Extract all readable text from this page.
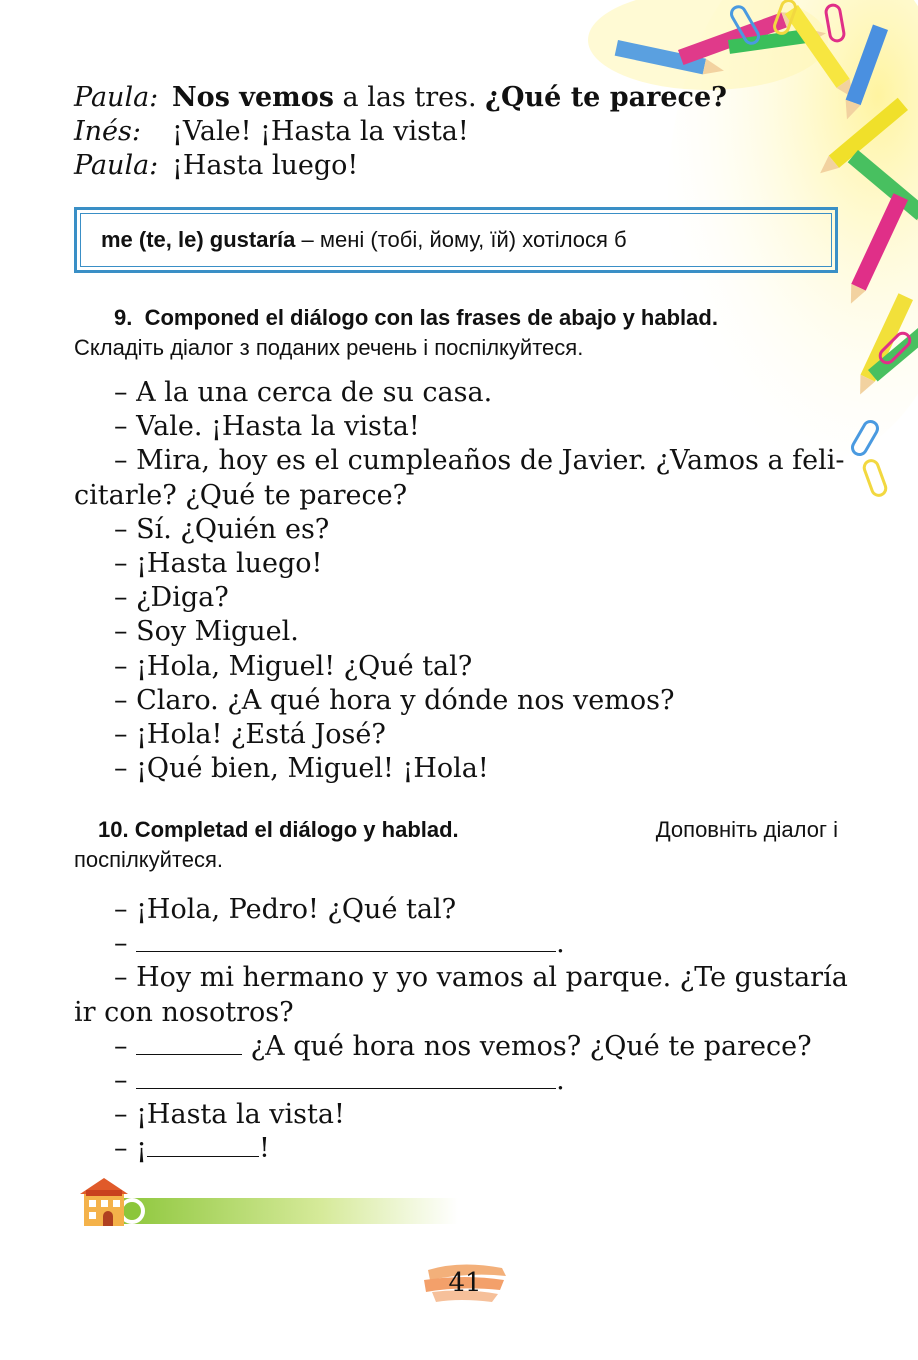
Paula: Nos vemos a las tres. ¿Qué te parece?
Inés: ¡Vale! ¡Hasta la vista!
Paula: ¡Hasta luego!
me (te, le) gustaría – мені (тобі, йому, їй) хотілося б
9. Componed el diálogo con las frases de abajo y hablad.
Складіть діалог з поданих речень і поспілкуйтеся.
– A la una cerca de su casa.
– Vale. ¡Hasta la vista!
– Mira, hoy es el cumpleaños de Javier. ¿Vamos a feli-
citarle? ¿Qué te parece?
– Sí. ¿Quién es?
– ¡Hasta luego!
– ¿Diga?
– Soy Miguel.
– ¡Hola, Miguel! ¿Qué tal?
– Claro. ¿A qué hora y dónde nos vemos?
– ¡Hola! ¿Está José?
– ¡Qué bien, Miguel! ¡Hola!
10. Completad el diálogo y hablad.	Доповніть діалог і
поспілкуйтеся.
– ¡Hola, Pedro! ¿Qué tal?
–	.
– Hoy mi hermano y yo vamos al parque. ¿Te gustaría
ir con nosotros?
–	¿A qué hora nos vemos? ¿Qué te parece?
–	.
– ¡Hasta la vista!
– ¡	!
41
